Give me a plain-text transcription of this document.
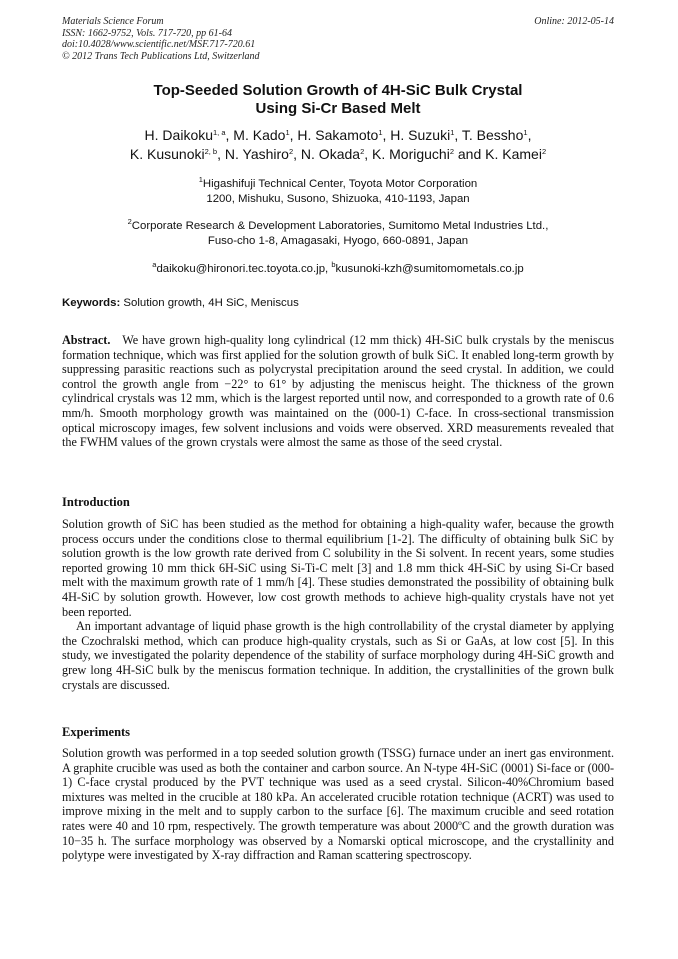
Materials Science Forum
ISSN: 1662-9752, Vols. 717-720, pp 61-64
doi:10.4028/www.scientific.net/MSF.717-720.61
© 2012 Trans Tech Publications Ltd, Switzerland
Online: 2012-05-14
Top-Seeded Solution Growth of 4H-SiC Bulk Crystal
Using Si-Cr Based Melt
H. Daikoku$^{1, a}$, M. Kado$^1$, H. Sakamoto$^1$, H. Suzuki$^1$, T. Bessho$^1$,
K. Kusunoki$^{2, b}$, N. Yashiro$^2$, N. Okada$^2$, K. Moriguchi$^2$ and K. Kamei$^2$
$^1$Higashifuji Technical Center, Toyota Motor Corporation
1200, Mishuku, Susono, Shizuoka, 410-1193, Japan
$^2$Corporate Research & Development Laboratories, Sumitomo Metal Industries Ltd.,
Fuso-cho 1-8, Amagasaki, Hyogo, 660-0891, Japan
$^a$daikoku@hironori.tec.toyota.co.jp, $^b$kusunoki-kzh@sumitomometals.co.jp
Keywords: Solution growth, 4H SiC, Meniscus
Abstract.   We have grown high-quality long cylindrical (12 mm thick) 4H-SiC bulk crystals by the meniscus formation technique, which was first applied for the solution growth of bulk SiC. It enabled long-term growth by suppressing parasitic reactions such as polycrystal precipitation around the seed crystal. In addition, we could control the growth angle from −22° to 61° by adjusting the meniscus height. The thickness of the grown cylindrical crystals was 12 mm, which is the largest reported until now, and corresponded to a growth rate of 0.6 mm/h. Smooth morphology growth was maintained on the (000-1) C-face. In cross-sectional transmission optical microscopy images, few solvent inclusions and voids were observed. XRD measurements revealed that the FWHM values of the grown crystals were almost the same as those of the seed crystal.
Introduction
Solution growth of SiC has been studied as the method for obtaining a high-quality wafer, because the growth process occurs under the conditions close to thermal equilibrium [1-2]. The difficulty of obtaining bulk SiC by solution growth is the low growth rate derived from C solubility in the Si solvent. In recent years, some studies reported growing 10 mm thick 6H-SiC using Si-Ti-C melt [3] and 1.8 mm thick 4H-SiC by using Si-Cr based melt with the maximum growth rate of 1 mm/h [4]. These studies demonstrated the possibility of obtaining bulk 4H-SiC by solution growth. However, low cost growth methods to achieve high-quality crystals have not yet been reported.
An important advantage of liquid phase growth is the high controllability of the crystal diameter by applying the Czochralski method, which can produce high-quality crystals, such as Si or GaAs, at low cost [5]. In this study, we investigated the polarity dependence of the stability of surface morphology during 4H-SiC growth and grew long 4H-SiC bulk by the meniscus formation technique. In addition, the crystallinities of the grown bulk crystals are discussed.
Experiments
Solution growth was performed in a top seeded solution growth (TSSG) furnace under an inert gas environment. A graphite crucible was used as both the container and carbon source. An N-type 4H-SiC (0001) Si-face or (000-1) C-face crystal produced by the PVT technique was used as a seed crystal. Silicon-40%Chromium based mixtures was melted in the crucible at 180 kPa. An accelerated crucible rotation technique (ACRT) was used to improve mixing in the melt and to supply carbon to the surface [6]. The maximum crucible and seed rotation rates were 40 and 10 rpm, respectively. The growth temperature was about 2000$^o$C and the growth duration was 10−35 h. The surface morphology was observed by a Nomarski optical microscope, and the crystallinity and polytype were investigated by X-ray diffraction and Raman scattering spectroscopy.
